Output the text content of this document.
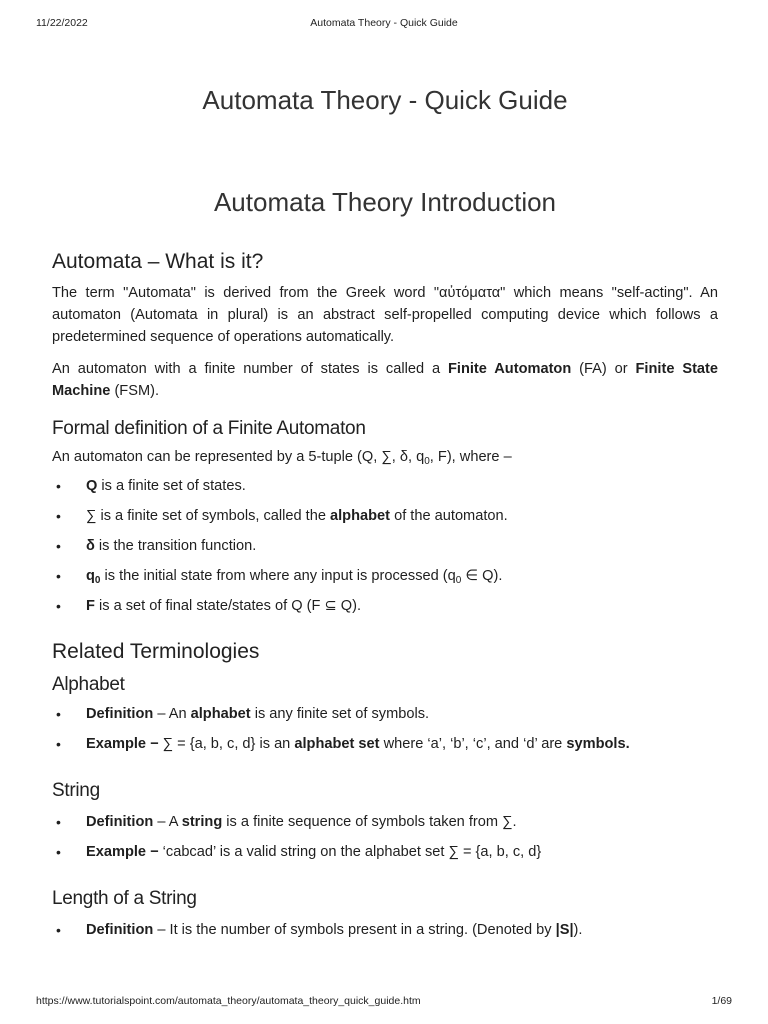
11/22/2022	Automata Theory - Quick Guide
Automata Theory - Quick Guide
Automata Theory Introduction
Automata – What is it?

The term "Automata" is derived from the Greek word "αὐτόματα" which means "self-acting". An automaton (Automata in plural) is an abstract self-propelled computing device which follows a predetermined sequence of operations automatically.

An automaton with a finite number of states is called a Finite Automaton (FA) or Finite State Machine (FSM).

Formal definition of a Finite Automaton

An automaton can be represented by a 5-tuple (Q, ∑, δ, $q_0$, F), where –

• Q is a finite set of states.
• ∑ is a finite set of symbols, called the alphabet of the automaton.
• δ is the transition function.
• $q_0$ is the initial state from where any input is processed ($q_0$ ∈ Q).
• F is a set of final state/states of Q (F ⊆ Q).
Related Terminologies
Alphabet
• Definition – An alphabet is any finite set of symbols.
• Example − ∑ = {a, b, c, d} is an alphabet set where ‘a’, ‘b’, ‘c’, and ‘d’ are symbols.
String
• Definition – A string is a finite sequence of symbols taken from ∑.
• Example − ‘cabcad’ is a valid string on the alphabet set ∑ = {a, b, c, d}
Length of a String
• Definition – It is the number of symbols present in a string. (Denoted by |S|).
https://www.tutorialspoint.com/automata_theory/automata_theory_quick_guide.htm	1/69
